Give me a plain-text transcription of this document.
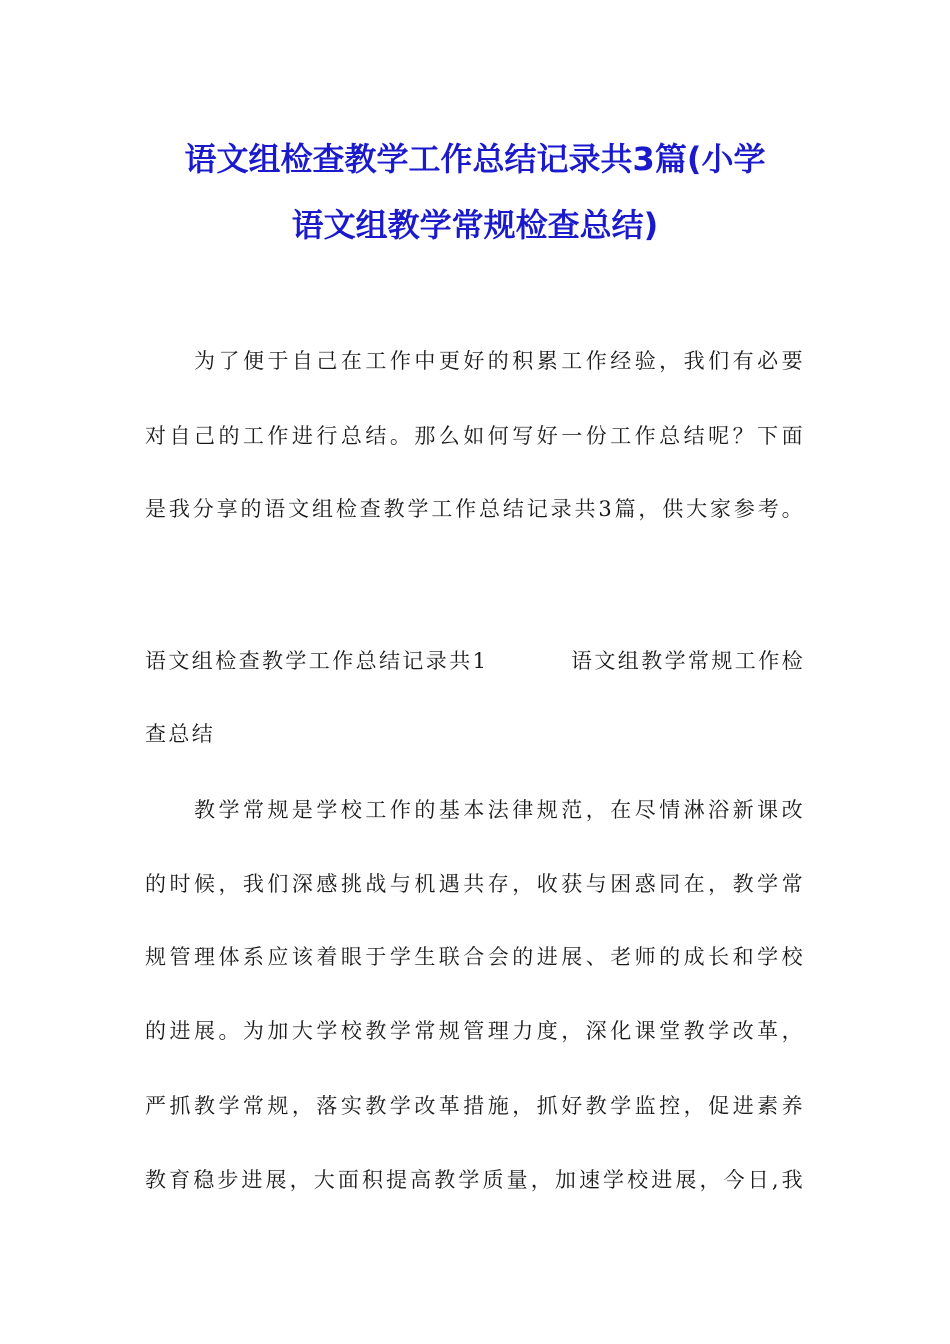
语文组检查教学工作总结记录共3篇(小学
语文组教学常规检查总结)

为了便于自己在工作中更好的积累工作经验，我们有必要

对自己的工作进行总结。那么如何写好一份工作总结呢？下面

是我分享的语文组检查教学工作总结记录共3篇，供大家参考。

语文组检查教学工作总结记录共1	语文组教学常规工作检

查总结

教学常规是学校工作的基本法律规范，在尽情淋浴新课改

的时候，我们深感挑战与机遇共存，收获与困惑同在，教学常

规管理体系应该着眼于学生联合会的进展、老师的成长和学校

的进展。为加大学校教学常规管理力度，深化课堂教学改革，

严抓教学常规，落实教学改革措施，抓好教学监控，促进素养

教育稳步进展，大面积提高教学质量，加速学校进展，今日,我
